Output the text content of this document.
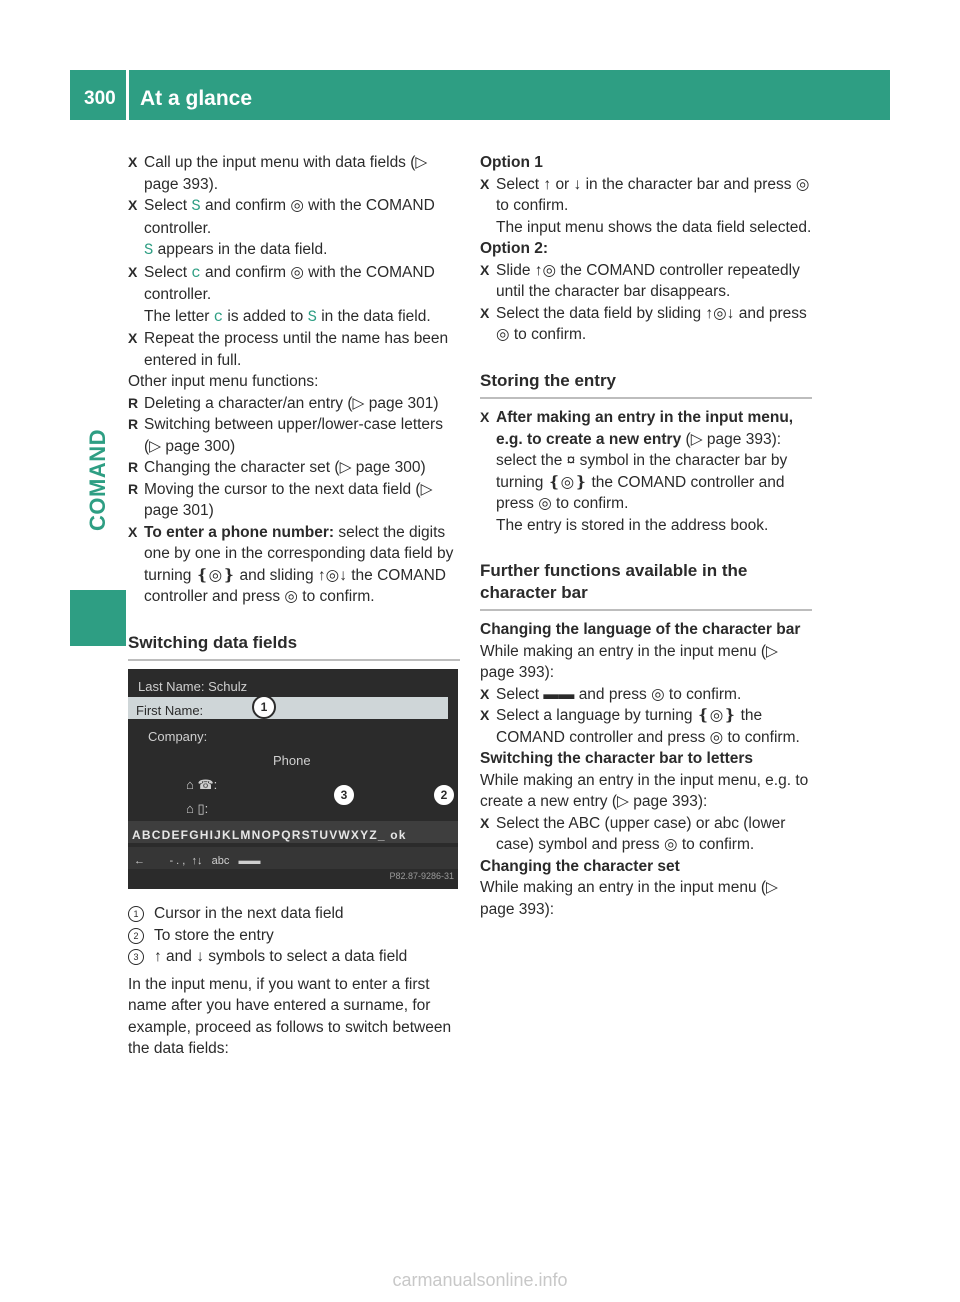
300 At a glance
COMAND

X Call up the input menu with data fields (▷ page 393).

X Select S and confirm ◎ with the COMAND controller.
S appears in the data field.

X Select c and confirm ◎ with the COMAND controller.
The letter c is added to S in the data field.

X Repeat the process until the name has been entered in full.

Other input menu functions:

R Deleting a character/an entry (▷ page 301)

R Switching between upper/lower-case letters (▷ page 300)

R Changing the character set (▷ page 300)

R Moving the cursor to the next data field (▷ page 301)

X To enter a phone number: select the digits one by one in the corresponding data field by turning ❴◎❵ and sliding ↑◎↓ the COMAND controller and press ◎ to confirm.

Switching data fields
Last Name: Schulz
First Name:
Company:
Phone
⌂ ☎:
⌂ ▯:
ABCDEFGHIJKLMNOPQRSTUVWXYZ_ ok
←        - . ,  ↑↓   abc   ▬▬
P82.87-9286-31
1
2
3

1	Cursor in the next data field

2	To store the entry

3	↑ and ↓ symbols to select a data field

In the input menu, if you want to enter a first name after you have entered a surname, for example, proceed as follows to switch between the data fields:

Option 1

X Select ↑ or ↓ in the character bar and press ◎ to confirm.
The input menu shows the data field selected.

Option 2:

X Slide ↑◎ the COMAND controller repeatedly until the character bar disappears.

X Select the data field by sliding ↑◎↓ and press ◎ to confirm.

Storing the entry

X After making an entry in the input menu, e.g. to create a new entry (▷ page 393): select the ¤ symbol in the character bar by turning ❴◎❵ the COMAND controller and press ◎ to confirm.
The entry is stored in the address book.

Further functions available in the character bar

Changing the language of the character bar

While making an entry in the input menu (▷ page 393):

X Select ▬▬ and press ◎ to confirm.

X Select a language by turning ❴◎❵ the COMAND controller and press ◎ to confirm.

Switching the character bar to letters

While making an entry in the input menu, e.g. to create a new entry (▷ page 393):

X Select the ABC (upper case) or abc (lower case) symbol and press ◎ to confirm.

Changing the character set

While making an entry in the input menu (▷ page 393):

carmanualsonline.info
